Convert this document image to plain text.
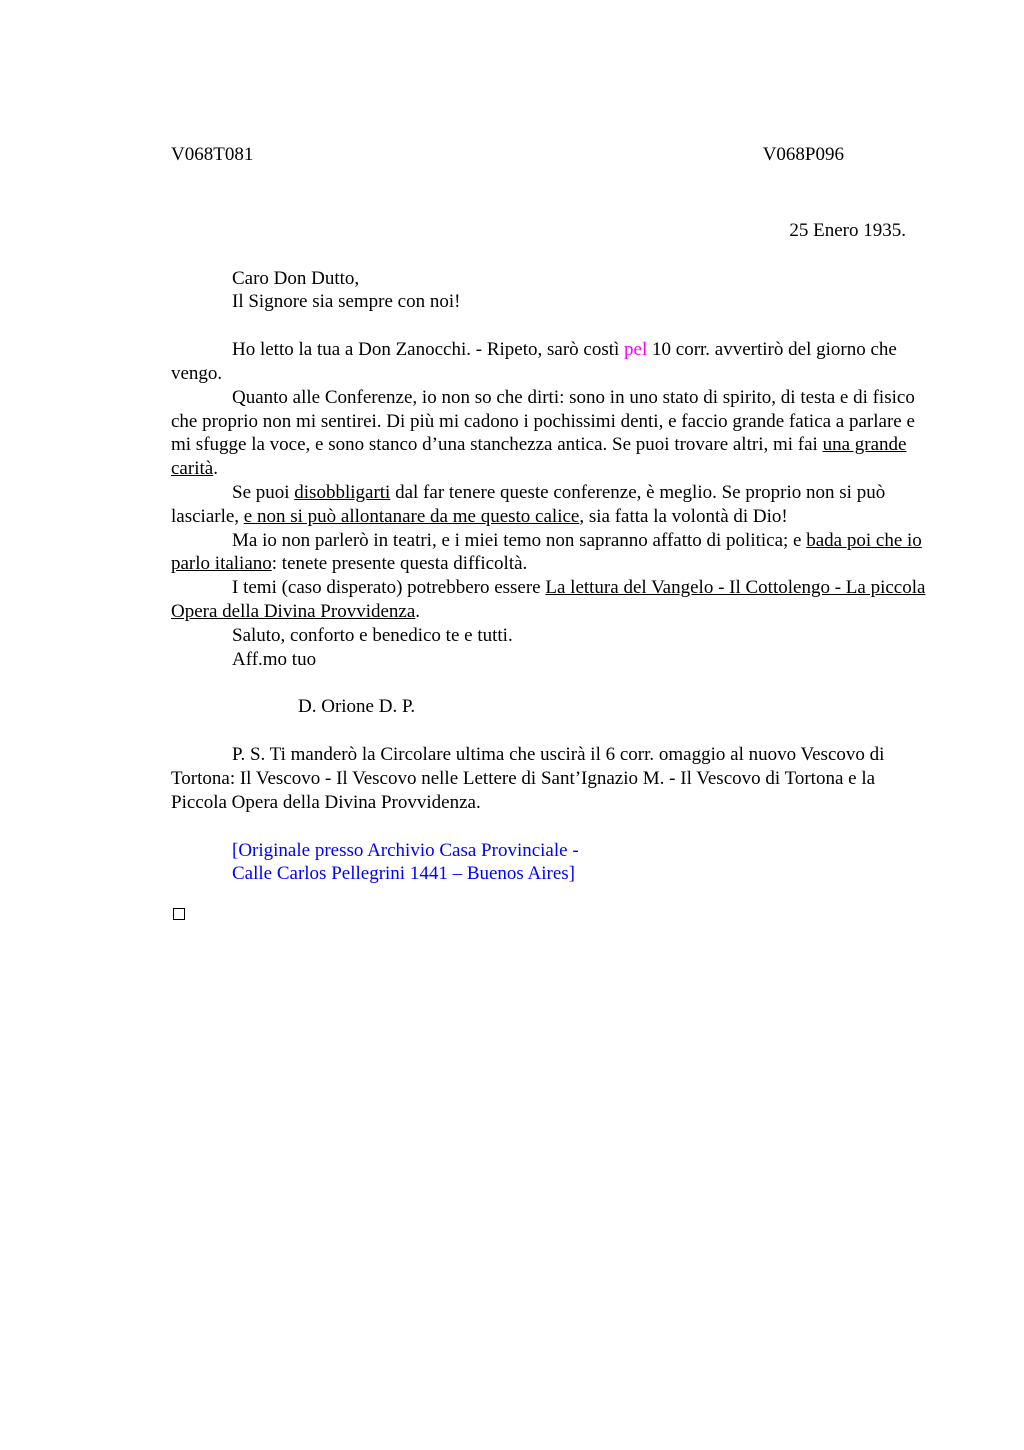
V068T081	V068P096
25 Enero 1935.
Caro Don Dutto,
Il Signore sia sempre con noi!

Ho letto la tua a Don Zanocchi. - Ripeto, sarò costì pel 10 corr. avvertirò del giorno che vengo.

Quanto alle Conferenze, io non so che dirti: sono in uno stato di spirito, di testa e di fisico che proprio non mi sentirei. Di più mi cadono i pochissimi denti, e faccio grande fatica a parlare e mi sfugge la voce, e sono stanco d’una stanchezza antica. Se puoi trovare altri, mi fai una grande carità.

Se puoi disobbligarti dal far tenere queste conferenze, è meglio. Se proprio non si può lasciarle, e non si può allontanare da me questo calice, sia fatta la volontà di Dio!

Ma io non parlerò in teatri, e i miei temo non sapranno affatto di politica; e bada poi che io parlo italiano: tenete presente questa difficoltà.

I temi (caso disperato) potrebbero essere La lettura del Vangelo - Il Cottolengo - La piccola Opera della Divina Provvidenza.

Saluto, conforto e benedico te e tutti.

Aff.mo tuo

D. Orione D. P.

P. S. Ti manderò la Circolare ultima che uscirà il 6 corr. omaggio al nuovo Vescovo di Tortona: Il Vescovo - Il Vescovo nelle Lettere di Sant’Ignazio M. - Il Vescovo di Tortona e la Piccola Opera della Divina Provvidenza.

[Originale presso Archivio Casa Provinciale -
Calle Carlos Pellegrini 1441 – Buenos Aires]
